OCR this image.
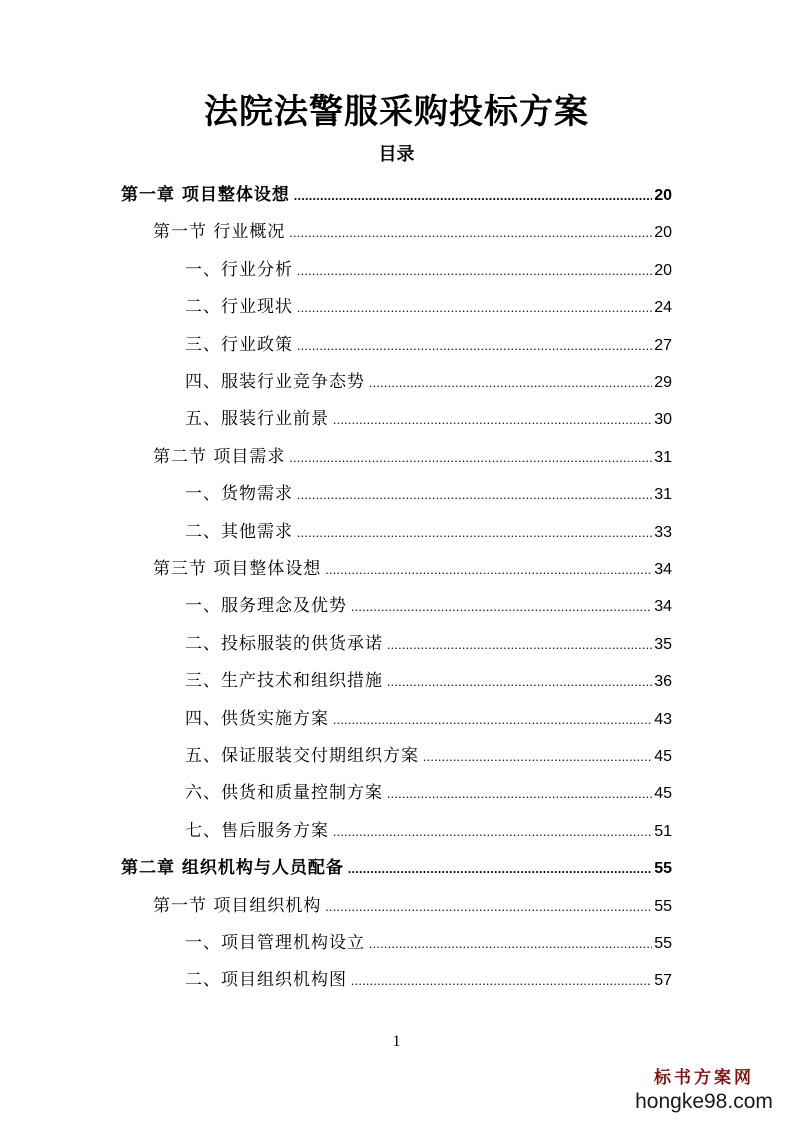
法院法警服采购投标方案
目录
第一章 项目整体设想 .....	20
第一节 行业概况 .....	20
一、行业分析 .....	20
二、行业现状 .....	24
三、行业政策 .....	27
四、服装行业竞争态势 .....	29
五、服装行业前景 .....	30
第二节 项目需求 .....	31
一、货物需求 .....	31
二、其他需求 .....	33
第三节 项目整体设想 .....	34
一、服务理念及优势 .....	34
二、投标服装的供货承诺 .....	35
三、生产技术和组织措施 .....	36
四、供货实施方案 .....	43
五、保证服装交付期组织方案 .....	45
六、供货和质量控制方案 .....	45
七、售后服务方案 .....	51
第二章 组织机构与人员配备 .....	55
第一节 项目组织机构 .....	55
一、项目管理机构设立 .....	55
二、项目组织机构图 .....	57
1
标书方案网
hongke98.com
